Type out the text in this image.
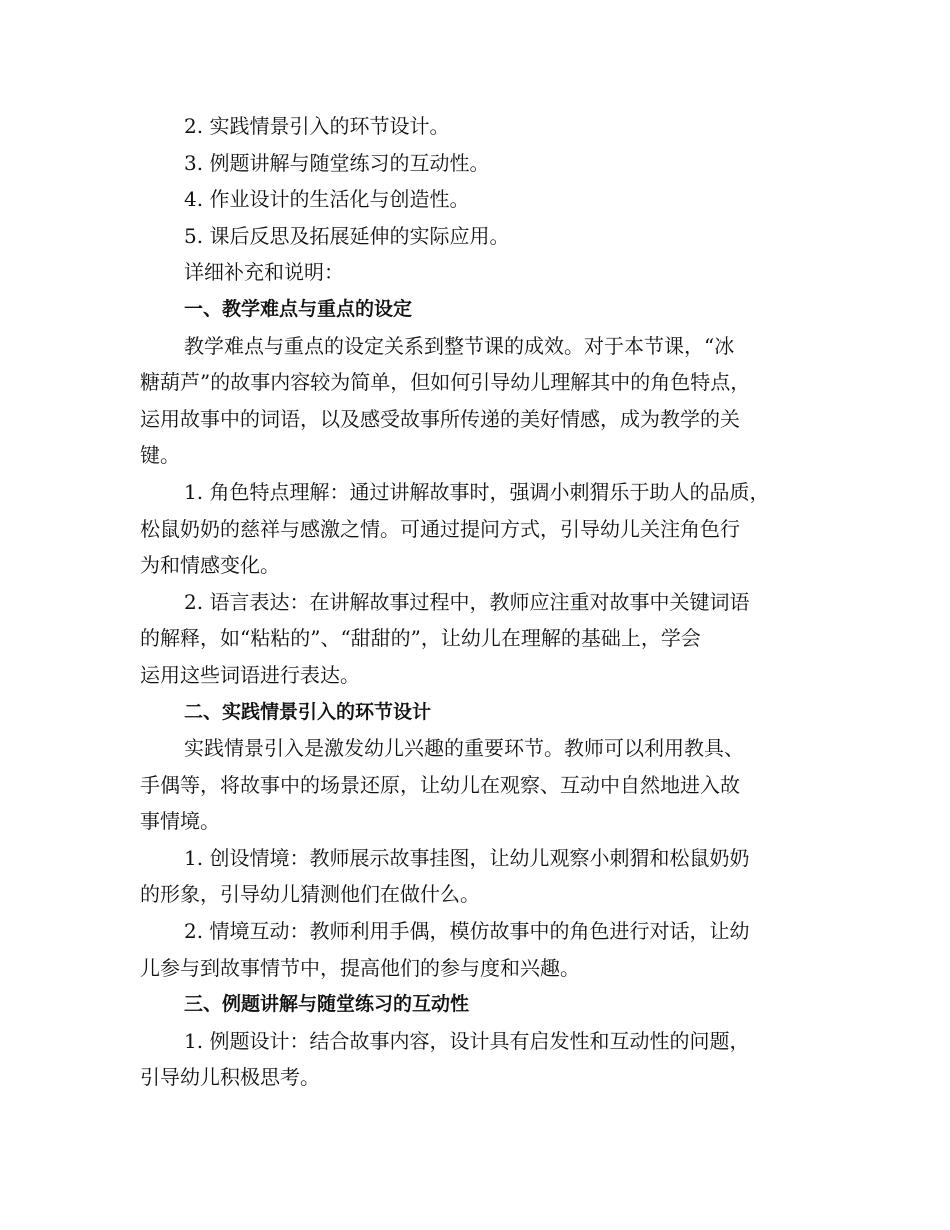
2. 实践情景引入的环节设计。
3. 例题讲解与随堂练习的互动性。
4. 作业设计的生活化与创造性。
5. 课后反思及拓展延伸的实际应用。
详细补充和说明：
一、教学难点与重点的设定
教学难点与重点的设定关系到整节课的成效。对于本节课，“冰
糖葫芦”的故事内容较为简单，但如何引导幼儿理解其中的角色特点，
运用故事中的词语，以及感受故事所传递的美好情感，成为教学的关
键。
1. 角色特点理解：通过讲解故事时，强调小刺猬乐于助人的品质，
松鼠奶奶的慈祥与感激之情。可通过提问方式，引导幼儿关注角色行
为和情感变化。
2. 语言表达：在讲解故事过程中，教师应注重对故事中关键词语
的解释，如“粘粘的”、“甜甜的”，让幼儿在理解的基础上，学会
运用这些词语进行表达。
二、实践情景引入的环节设计
实践情景引入是激发幼儿兴趣的重要环节。教师可以利用教具、
手偶等，将故事中的场景还原，让幼儿在观察、互动中自然地进入故
事情境。
1. 创设情境：教师展示故事挂图，让幼儿观察小刺猬和松鼠奶奶
的形象，引导幼儿猜测他们在做什么。
2. 情境互动：教师利用手偶，模仿故事中的角色进行对话，让幼
儿参与到故事情节中，提高他们的参与度和兴趣。
三、例题讲解与随堂练习的互动性
1. 例题设计：结合故事内容，设计具有启发性和互动性的问题，
引导幼儿积极思考。
